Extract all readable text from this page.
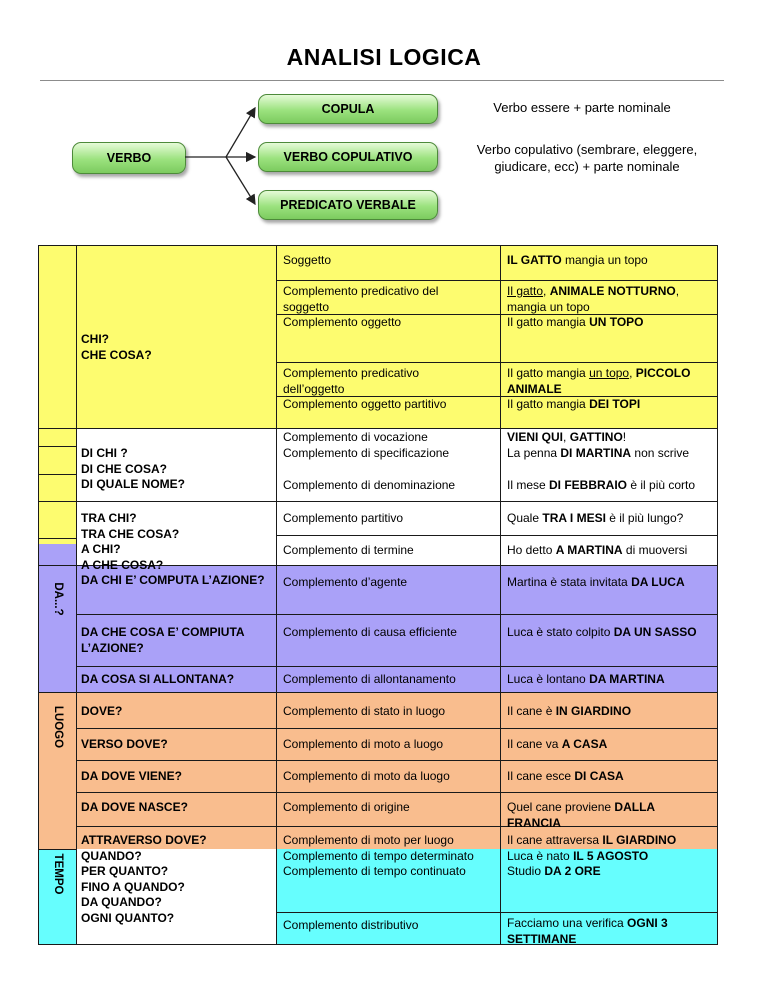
ANALISI LOGICA
VERBO
COPULA
VERBO COPULATIVO
PREDICATO VERBALE
Verbo essere + parte nominale
Verbo copulativo (sembrare, eleggere,
giudicare, ecc) + parte nominale
DA...?
LUOGO
TEMPO
CHI?
CHE COSA?
DI CHI ?
DI CHE COSA?
DI QUALE NOME?
TRA CHI?
TRA CHE COSA?
A CHI?
A CHE COSA?
DA CHI E’ COMPUTA L’AZIONE?
DA CHE COSA E’ COMPIUTA
L’AZIONE?
DA COSA SI ALLONTANA?
DOVE?
VERSO DOVE?
DA DOVE VIENE?
DA DOVE NASCE?
ATTRAVERSO DOVE?
QUANDO?
PER QUANTO?
FINO A QUANDO?
DA QUANDO?
OGNI QUANTO?
Soggetto
Complemento predicativo del
soggetto
Complemento oggetto
Complemento predicativo
dell’oggetto
Complemento oggetto partitivo
Complemento di vocazione
Complemento di specificazione
Complemento di denominazione
Complemento partitivo
Complemento di termine
Complemento d’agente
Complemento di causa efficiente
Complemento di allontanamento
Complemento di stato in luogo
Complemento di moto a luogo
Complemento di moto da luogo
Complemento di origine
Complemento di moto per luogo
Complemento di tempo determinato
Complemento di tempo continuato
Complemento distributivo
IL GATTO mangia un topo
Il gatto, ANIMALE NOTTURNO,
mangia un topo
Il gatto mangia UN TOPO
Il gatto mangia un topo, PICCOLO
ANIMALE
Il gatto mangia DEI TOPI
VIENI QUI, GATTINO!
La penna DI MARTINA non scrive
Il mese DI FEBBRAIO è il più corto
Quale TRA I MESI è il più lungo?
Ho detto A MARTINA di muoversi
Martina è stata invitata DA LUCA
Luca è stato colpito DA UN SASSO
Luca è lontano DA MARTINA
Il cane è IN GIARDINO
Il cane va A CASA
Il cane esce DI CASA
Quel cane proviene DALLA
FRANCIA
Il cane attraversa IL GIARDINO
Luca è nato IL 5 AGOSTO
Studio DA 2 ORE
Facciamo una verifica OGNI 3
SETTIMANE
